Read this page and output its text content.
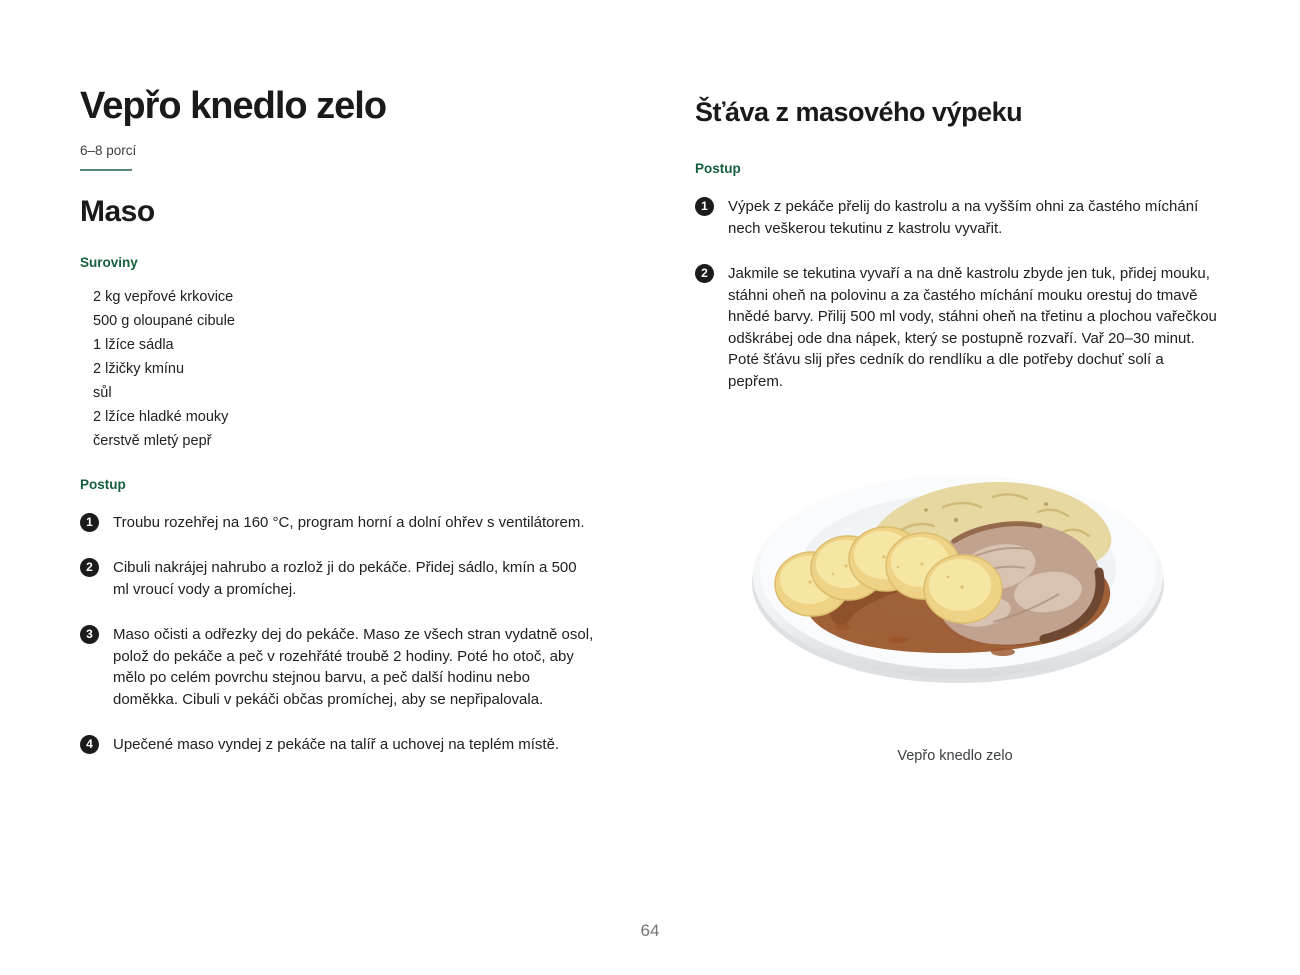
Vepřo knedlo zelo
6–8 porcí
Maso
Suroviny
2 kg vepřové krkovice
500 g oloupané cibule
1 lžíce sádla
2 lžičky kmínu
sůl
2 lžíce hladké mouky
čerstvě mletý pepř
Postup
1	Troubu rozehřej na 160 °C, program horní a dolní ohřev s ventilátorem.
2	Cibuli nakrájej nahrubo a rozlož ji do pekáče. Přidej sádlo, kmín a 500 ml vroucí vody a promíchej.
3	Maso očisti a odřezky dej do pekáče. Maso ze všech stran vydatně osol, polož do pekáče a peč v rozehřáté troubě 2 hodiny. Poté ho otoč, aby mělo po celém povrchu stejnou barvu, a peč další hodinu nebo doměkka. Cibuli v pekáči občas promíchej, aby se nepřipalovala.
4	Upečené maso vyndej z pekáče na talíř a uchovej na teplém místě.
Šťáva z masového výpeku
Postup
1	Výpek z pekáče přelij do kastrolu a na vyšším ohni za častého míchání nech veškerou tekutinu z kastrolu vyvařit.
2	Jakmile se tekutina vyvaří a na dně kastrolu zbyde jen tuk, přidej mouku, stáhni oheň na polovinu a za častého míchání mouku orestuj do tmavě hnědé barvy. Přilij 500 ml vody, stáhni oheň na třetinu a plochou vařečkou odškrábej ode dna nápek, který se postupně rozvaří. Vař 20–30 minut. Poté šťávu slij přes cedník do rendlíku a dle potřeby dochuť solí a pepřem.
Vepřo knedlo zelo
64
